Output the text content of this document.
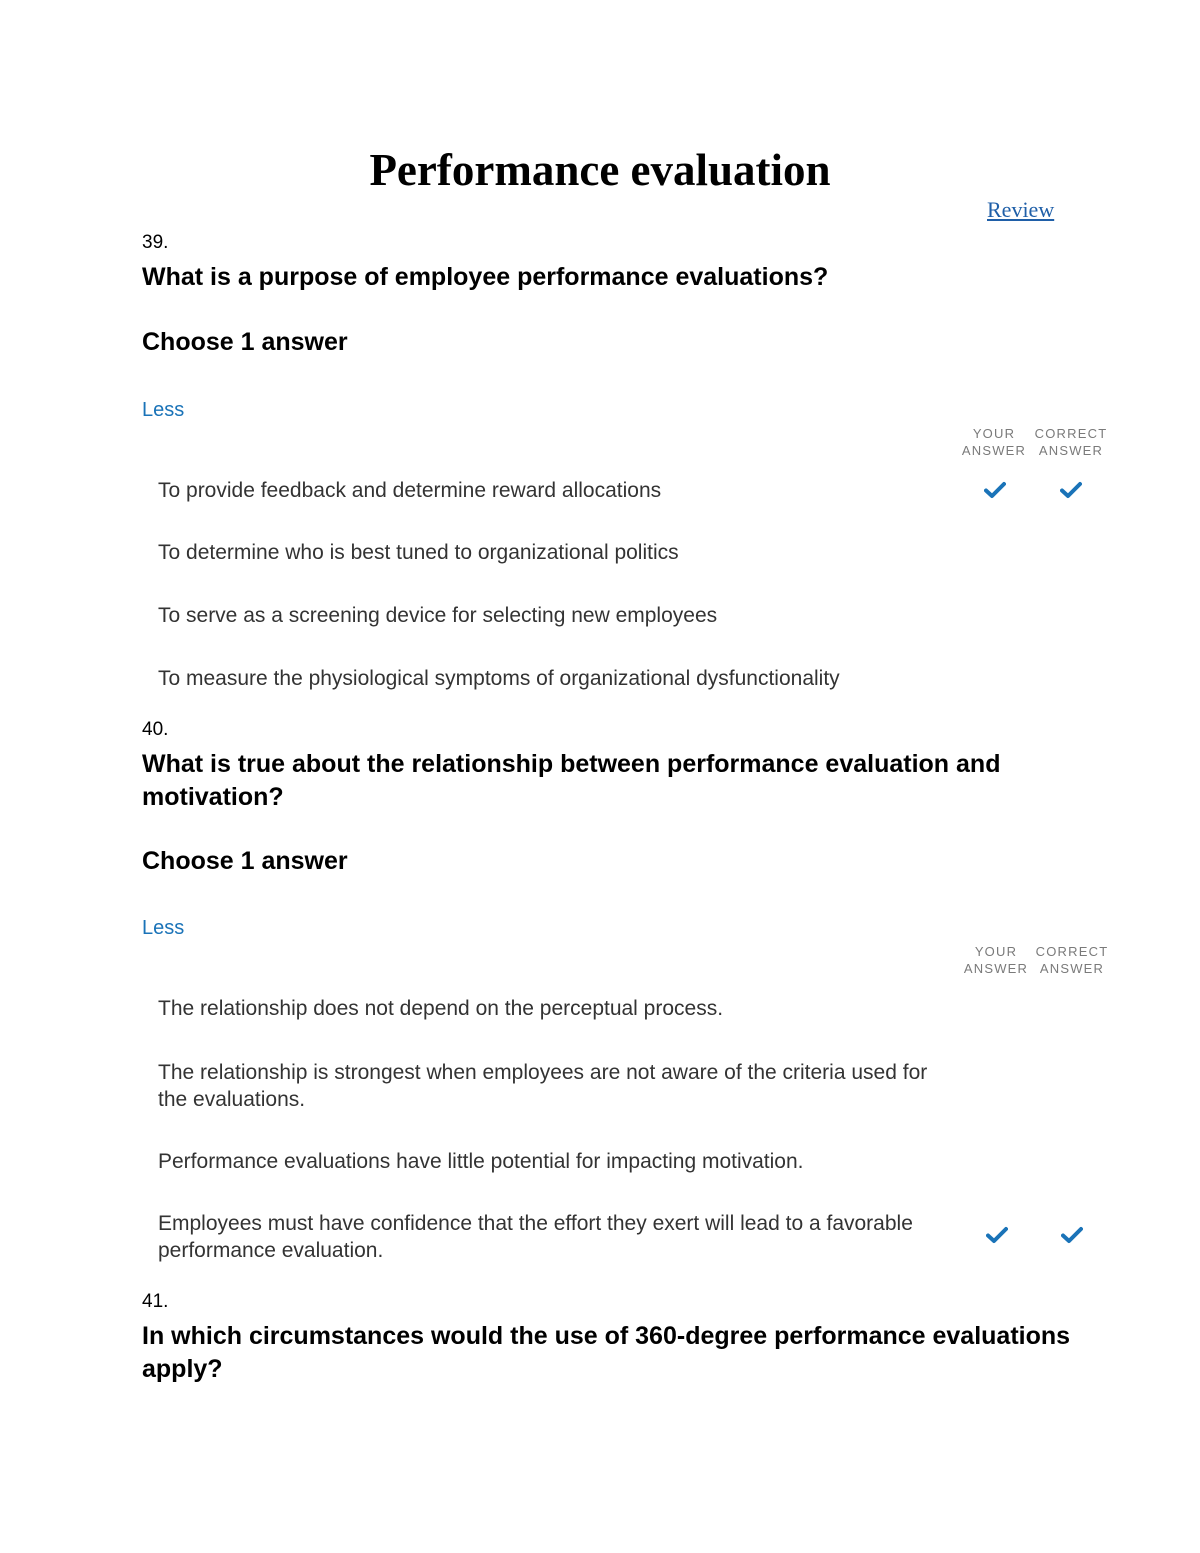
Performance evaluation
Review
39.
What is a purpose of employee performance evaluations?
Choose 1 answer
Less
YOUR ANSWER
CORRECT ANSWER
To provide feedback and determine reward allocations
To determine who is best tuned to organizational politics
To serve as a screening device for selecting new employees
To measure the physiological symptoms of organizational dysfunctionality
40.
What is true about the relationship between performance evaluation and motivation?
Choose 1 answer
Less
YOUR ANSWER
CORRECT ANSWER
The relationship does not depend on the perceptual process.
The relationship is strongest when employees are not aware of the criteria used for the evaluations.
Performance evaluations have little potential for impacting motivation.
Employees must have confidence that the effort they exert will lead to a favorable performance evaluation.
41.
In which circumstances would the use of 360-degree performance evaluations apply?
